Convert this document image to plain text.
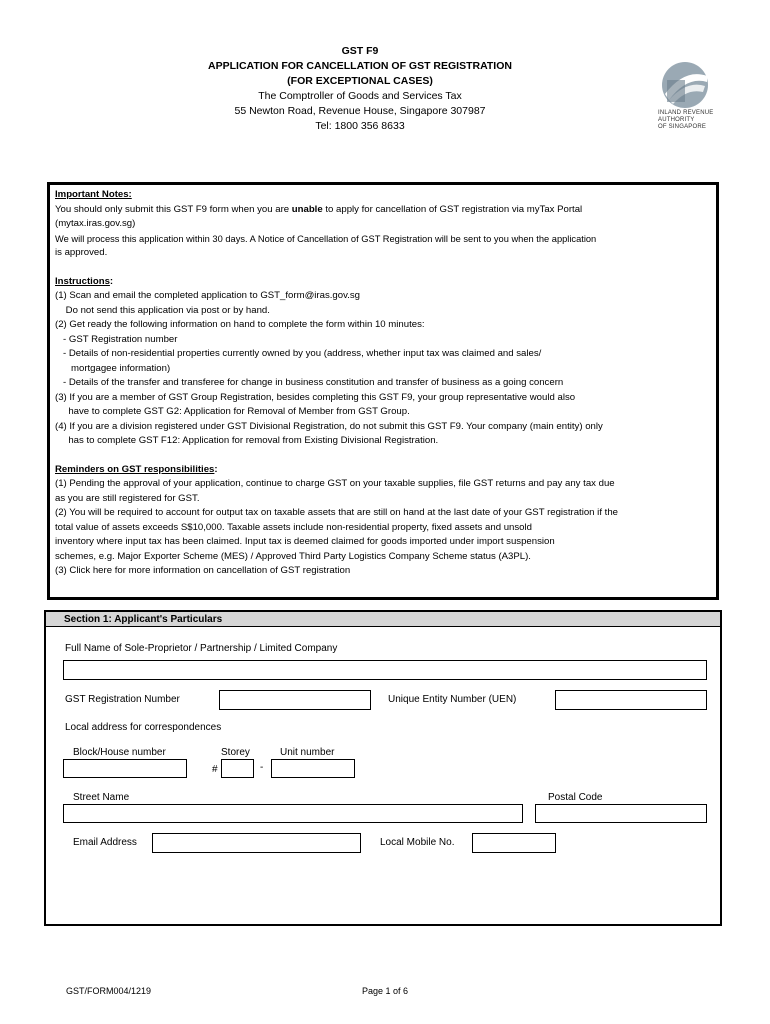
GST F9
APPLICATION FOR CANCELLATION OF GST REGISTRATION
(FOR EXCEPTIONAL CASES)
The Comptroller of Goods and Services Tax
55 Newton Road, Revenue House, Singapore 307987
Tel: 1800 356 8633
INLAND REVENUE
AUTHORITY
OF SINGAPORE
Important Notes:
You should only submit this GST F9 form when you are unable to apply for cancellation of GST registration via myTax Portal
(mytax.iras.gov.sg)
We will process this application within 30 days. A Notice of Cancellation of GST Registration will be sent to you when the application
is approved.
Instructions:
(1) Scan and email the completed application to GST_form@iras.gov.sg
Do not send this application via post or by hand.
(2) Get ready the following information on hand to complete the form within 10 minutes:
- GST Registration number
- Details of non-residential properties currently owned by you (address, whether input tax was claimed and sales/
mortgagee information)
- Details of the transfer and transferee for change in business constitution and transfer of business as a going concern
(3) If you are a member of GST Group Registration, besides completing this GST F9, your group representative would also
have to complete GST G2: Application for Removal of Member from GST Group.
(4) If you are a division registered under GST Divisional Registration, do not submit this GST F9. Your company (main entity) only
has to complete GST F12: Application for removal from Existing Divisional Registration.
Reminders on GST responsibilities:
(1) Pending the approval of your application, continue to charge GST on your taxable supplies, file GST returns and pay any tax due
as you are still registered for GST.
(2) You will be required to account for output tax on taxable assets that are still on hand at the last date of your GST registration if the
total value of assets exceeds S$10,000. Taxable assets include non-residential property, fixed assets and unsold
inventory where input tax has been claimed. Input tax is deemed claimed for goods imported under import suspension
schemes, e.g. Major Exporter Scheme (MES) / Approved Third Party Logistics Company Scheme status (A3PL).
(3) Click here for more information on cancellation of GST registration
Section 1: Applicant's Particulars
Full Name of Sole-Proprietor / Partnership / Limited Company
GST Registration Number	Unique Entity Number (UEN)
Local address for correspondences
Block/House number	Storey	Unit number
#	-
Street Name	Postal Code
Email Address	Local Mobile No.
GST/FORM004/1219	Page 1 of 6
